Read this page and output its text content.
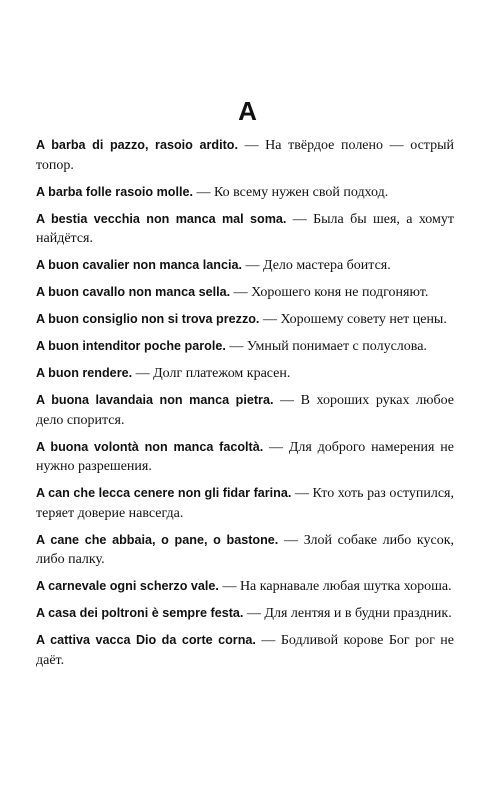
A

A barba di pazzo, rasoio ardito. — На твёрдое полено — острый топор.

A barba folle rasoio molle. — Ко всему нужен свой подход.

A bestia vecchia non manca mal soma. — Была бы шея, а хомут найдётся.

A buon cavalier non manca lancia. — Дело мастера боится.

A buon cavallo non manca sella. — Хорошего коня не подгоняют.

A buon consiglio non si trova prezzo. — Хорошему совету нет цены.

A buon intenditor poche parole. — Умный понимает с полуслова.

A buon rendere. — Долг платежом красен.

A buona lavandaia non manca pietra. — В хороших руках любое дело спорится.

A buona volontà non manca facoltà. — Для доброго намерения не нужно разрешения.

A can che lecca cenere non gli fidar farina. — Кто хоть раз оступился, теряет доверие навсегда.

A cane che abbaia, o pane, o bastone. — Злой собаке либо кусок, либо палку.

A carnevale ogni scherzo vale. — На карнавале любая шутка хороша.

A casa dei poltroni è sempre festa. — Для лентяя и в будни праздник.

A cattiva vacca Dio da corte corna. — Бодливой корове Бог рог не даёт.
